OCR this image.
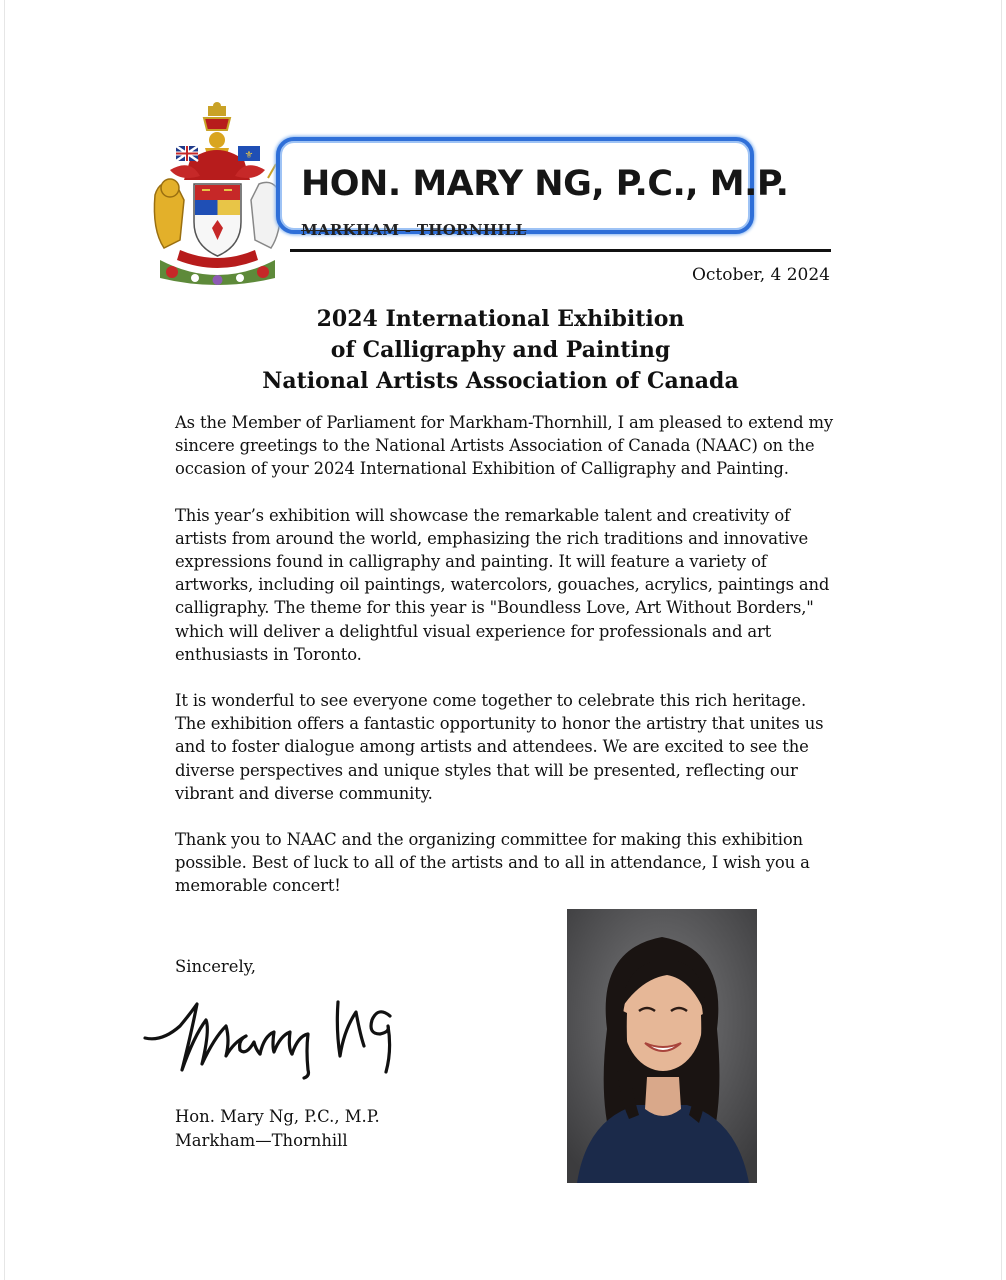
⚜
HON. MARY NG, P.C., M.P.
MARKHAM - THORNHILL
October, 4 2024
2024 International Exhibition
of Calligraphy and Painting
National Artists Association of Canada

As the Member of Parliament for Markham-Thornhill, I am pleased to extend my sincere greetings to the National Artists Association of Canada (NAAC) on the occasion of your 2024 International Exhibition of Calligraphy and Painting.

This year’s exhibition will showcase the remarkable talent and creativity of artists from around the world, emphasizing the rich traditions and innovative expressions found in calligraphy and painting. It will feature a variety of artworks, including oil paintings, watercolors, gouaches, acrylics, paintings and calligraphy. The theme for this year is "Boundless Love, Art Without Borders," which will deliver a delightful visual experience for professionals and art enthusiasts in Toronto.

It is wonderful to see everyone come together to celebrate this rich heritage. The exhibition offers a fantastic opportunity to honor the artistry that unites us and to foster dialogue among artists and attendees. We are excited to see the diverse perspectives and unique styles that will be presented, reflecting our vibrant and diverse community.

Thank you to NAAC and the organizing committee for making this exhibition possible. Best of luck to all of the artists and to all in attendance, I wish you a memorable concert!

Sincerely,
Hon. Mary Ng, P.C., M.P.
Markham—Thornhill
